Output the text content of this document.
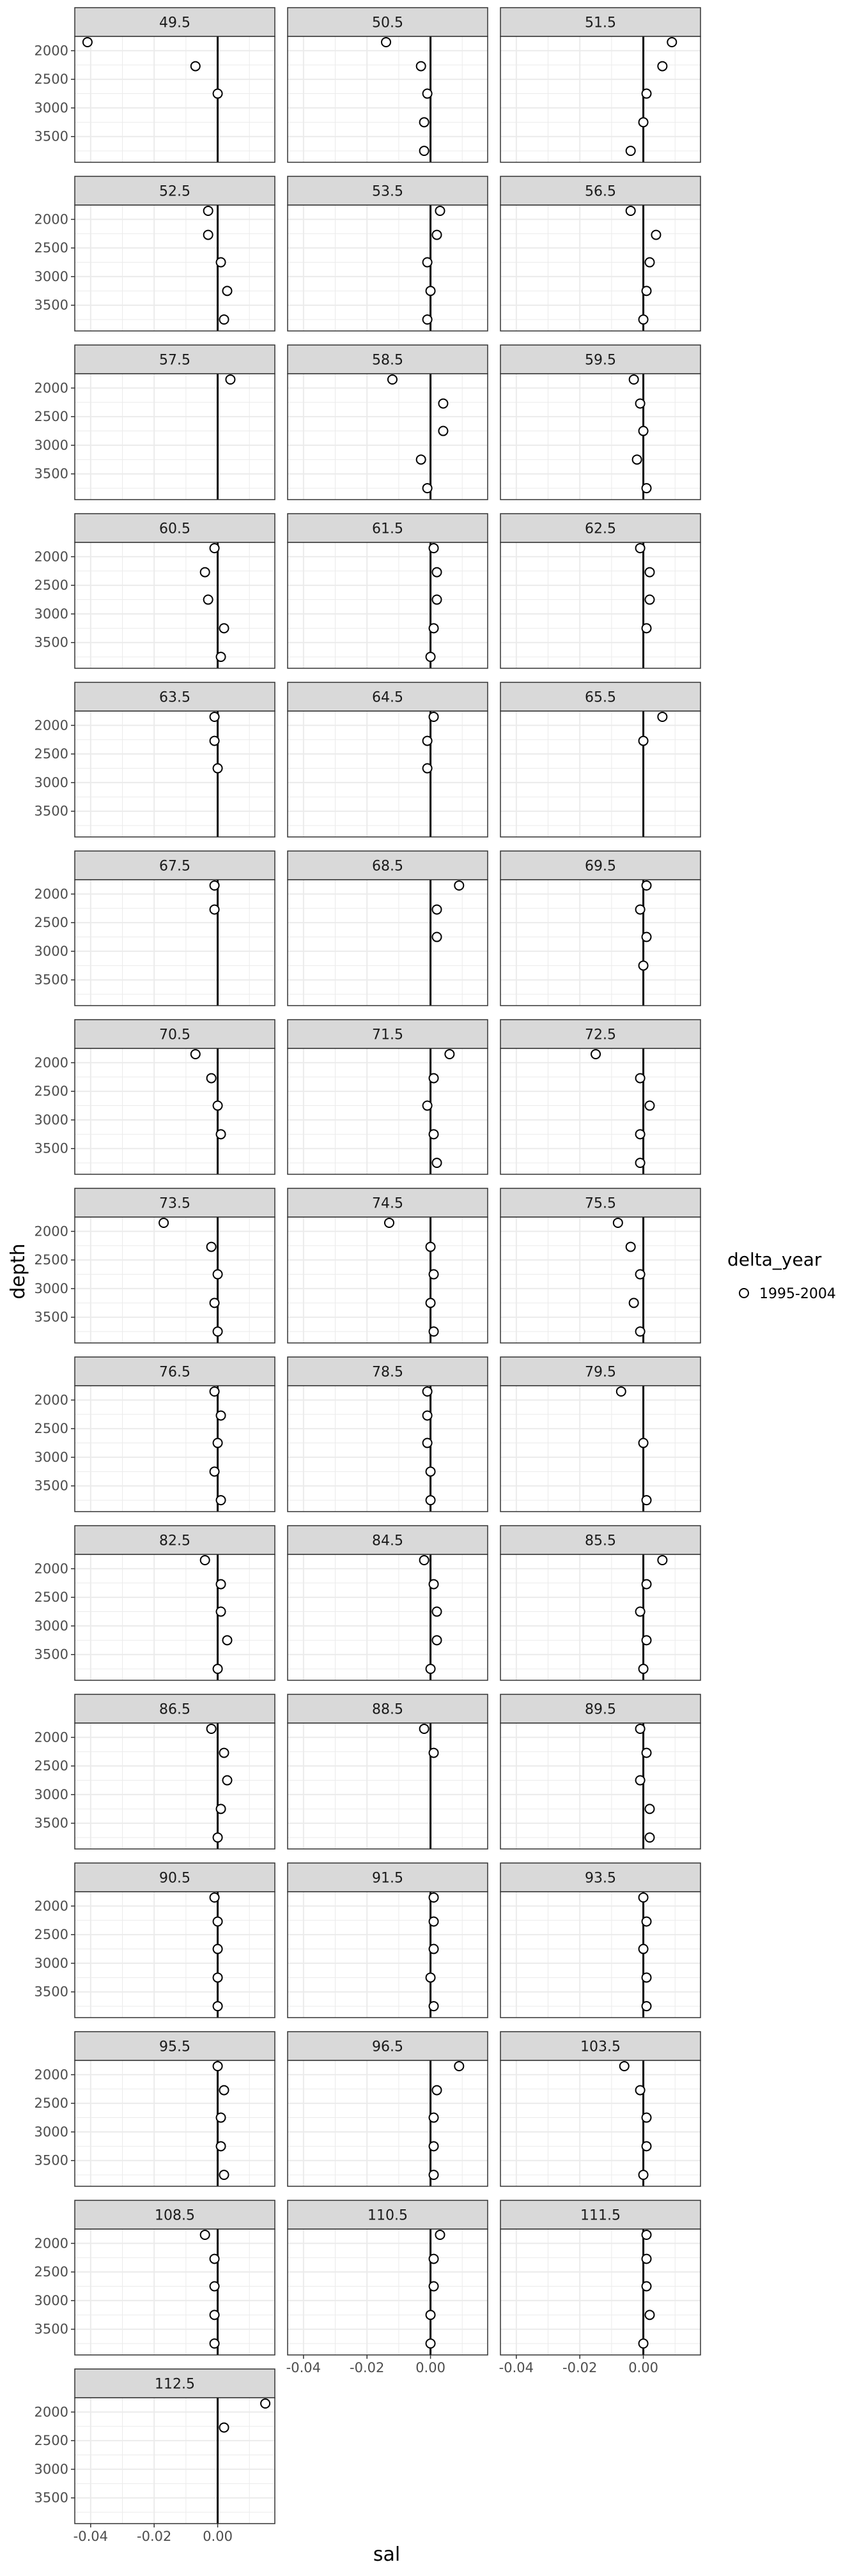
49.5	50.5	51.5
52.5	53.5	56.5
57.5	58.5	59.5
60.5	61.5	62.5
63.5	64.5	65.5
67.5	68.5	69.5
70.5	71.5	72.5
73.5	74.5	75.5
76.5	78.5	79.5
82.5	84.5	85.5
86.5	88.5	89.5
90.5	91.5	93.5
95.5	96.5	103.5
108.5	110.5	111.5
112.5
2000
2500
3000
3500
2000
2500
3000
3500
2000
2500
3000
3500
2000
2500
3000
3500
2000
2500
3000
3500
2000
2500
3000
3500
2000
2500
3000
3500
2000
2500
3000
3500
2000
2500
3000
3500
2000
2500
3000
3500
2000
2500
3000
3500
2000
2500
3000
3500
2000
2500
3000
3500
2000
2500
3000
3500
-0.04 -0.02 0.00	-0.04 -0.02 0.00
2000
2500
3000
3500
-0.04 -0.02 0.00
depth
sal
delta_year
1995-2004
